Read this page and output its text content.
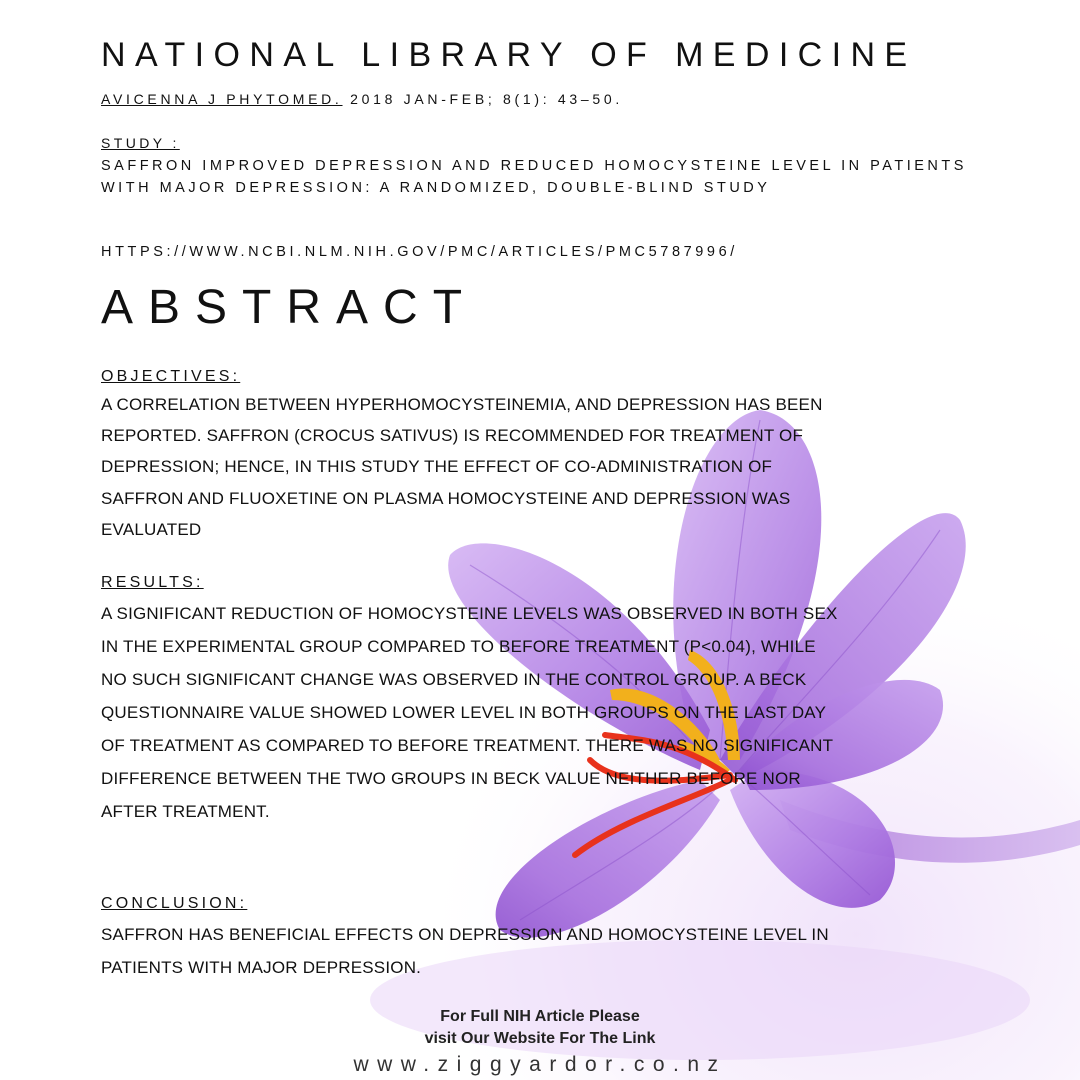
NATIONAL LIBRARY OF MEDICINE
AVICENNA J PHYTOMED. 2018 JAN-FEB; 8(1): 43–50.
STUDY :
SAFFRON IMPROVED DEPRESSION AND REDUCED HOMOCYSTEINE LEVEL IN PATIENTS WITH MAJOR DEPRESSION: A RANDOMIZED, DOUBLE-BLIND STUDY
HTTPS://WWW.NCBI.NLM.NIH.GOV/PMC/ARTICLES/PMC5787996/
ABSTRACT
OBJECTIVES:
A CORRELATION BETWEEN HYPERHOMOCYSTEINEMIA, AND DEPRESSION HAS BEEN REPORTED. SAFFRON (CROCUS SATIVUS) IS RECOMMENDED FOR TREATMENT OF DEPRESSION; HENCE, IN THIS STUDY THE EFFECT OF CO-ADMINISTRATION OF SAFFRON AND FLUOXETINE ON PLASMA HOMOCYSTEINE AND DEPRESSION WAS EVALUATED
RESULTS:
A SIGNIFICANT REDUCTION OF HOMOCYSTEINE LEVELS WAS OBSERVED IN BOTH SEX IN THE EXPERIMENTAL GROUP COMPARED TO BEFORE TREATMENT (P<0.04), WHILE NO SUCH SIGNIFICANT CHANGE WAS OBSERVED IN THE CONTROL GROUP. A BECK QUESTIONNAIRE VALUE SHOWED LOWER LEVEL IN BOTH GROUPS ON THE LAST DAY OF TREATMENT AS COMPARED TO BEFORE TREATMENT. THERE WAS NO SIGNIFICANT DIFFERENCE BETWEEN THE TWO GROUPS IN BECK VALUE NEITHER BEFORE NOR AFTER TREATMENT.
CONCLUSION:
SAFFRON HAS BENEFICIAL EFFECTS ON DEPRESSION AND HOMOCYSTEINE LEVEL IN PATIENTS WITH MAJOR DEPRESSION.
For Full NIH Article Please
visit Our Website For The Link
www.ziggyardor.co.nz
